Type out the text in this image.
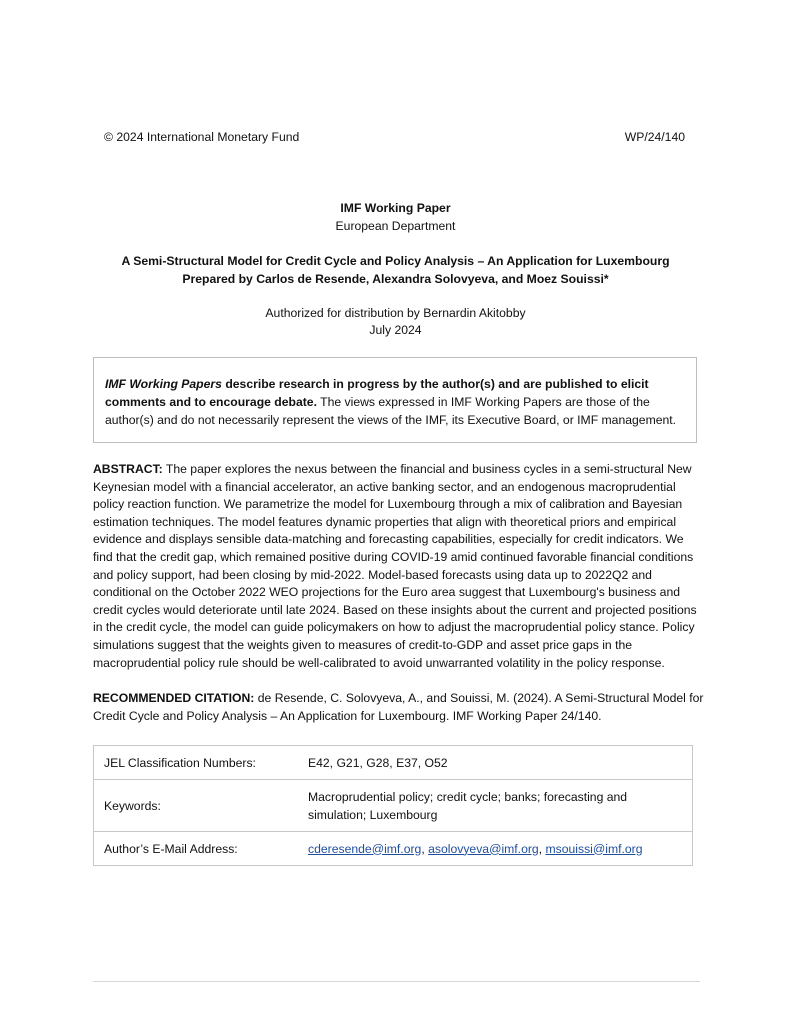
© 2024 International Monetary Fund	WP/24/140
IMF Working Paper
European Department
A Semi-Structural Model for Credit Cycle and Policy Analysis – An Application for Luxembourg
Prepared by Carlos de Resende, Alexandra Solovyeva, and Moez Souissi*
Authorized for distribution by Bernardin Akitobby
July 2024
IMF Working Papers describe research in progress by the author(s) and are published to elicit comments and to encourage debate. The views expressed in IMF Working Papers are those of the author(s) and do not necessarily represent the views of the IMF, its Executive Board, or IMF management.
ABSTRACT: The paper explores the nexus between the financial and business cycles in a semi-structural New Keynesian model with a financial accelerator, an active banking sector, and an endogenous macroprudential policy reaction function. We parametrize the model for Luxembourg through a mix of calibration and Bayesian estimation techniques. The model features dynamic properties that align with theoretical priors and empirical evidence and displays sensible data-matching and forecasting capabilities, especially for credit indicators. We find that the credit gap, which remained positive during COVID-19 amid continued favorable financial conditions and policy support, had been closing by mid-2022. Model-based forecasts using data up to 2022Q2 and conditional on the October 2022 WEO projections for the Euro area suggest that Luxembourg's business and credit cycles would deteriorate until late 2024. Based on these insights about the current and projected positions in the credit cycle, the model can guide policymakers on how to adjust the macroprudential policy stance. Policy simulations suggest that the weights given to measures of credit-to-GDP and asset price gaps in the macroprudential policy rule should be well-calibrated to avoid unwarranted volatility in the policy response.
RECOMMENDED CITATION: de Resende, C. Solovyeva, A., and Souissi, M. (2024). A Semi-Structural Model for Credit Cycle and Policy Analysis – An Application for Luxembourg. IMF Working Paper 24/140.
JEL Classification Numbers:	E42, G21, G28, E37, O52
Keywords:	Macroprudential policy; credit cycle; banks; forecasting and simulation; Luxembourg
Author’s E-Mail Address:	cderesende@imf.org, asolovyeva@imf.org, msouissi@imf.org
